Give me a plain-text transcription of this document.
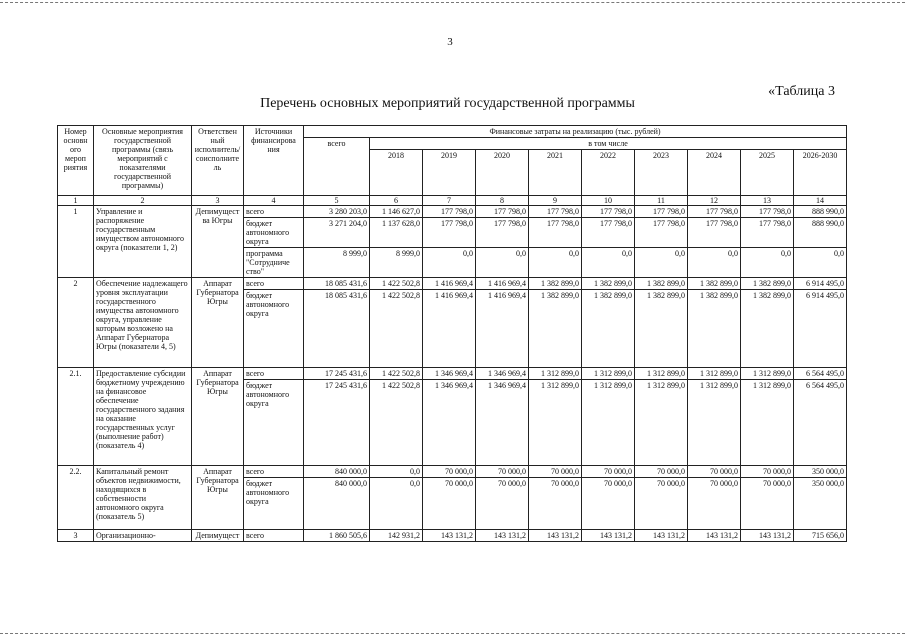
3
«Таблица 3
Перечень основных мероприятий государственной программы
Номер основн ого мероп риятия	Основные мероприятия государственной программы (связь мероприятий с показателями государственной программы)	Ответствен ный исполнитель/ соисполните ль	Источники финансирова ния	Финансовые затраты на реализацию (тыс. рублей)									
				всего	в том числе								
					2018	2019	2020	2021	2022	2023	2024	2025	2026-2030
1	2	3	4	5	6	7	8	9	10	11	12	13	14
1	Управление и распоряжение государственным имуществом автономного округа (показатели 1, 2)	Депимущест ва Югры	всего	3 280 203,0	1 146 627,0	177 798,0	177 798,0	177 798,0	177 798,0	177 798,0	177 798,0	177 798,0	888 990,0
			бюджет автономного округа	3 271 204,0	1 137 628,0	177 798,0	177 798,0	177 798,0	177 798,0	177 798,0	177 798,0	177 798,0	888 990,0
			программа "Сотрудниче ство"	8 999,0	8 999,0	0,0	0,0	0,0	0,0	0,0	0,0	0,0	0,0
2	Обеспечение надлежащего уровня эксплуатации государственного имущества автономного округа, управление которым возложено на Аппарат Губернатора Югры (показатели 4, 5)	Аппарат Губернатора Югры	всего	18 085 431,6	1 422 502,8	1 416 969,4	1 416 969,4	1 382 899,0	1 382 899,0	1 382 899,0	1 382 899,0	1 382 899,0	6 914 495,0
			бюджет автономного округа	18 085 431,6	1 422 502,8	1 416 969,4	1 416 969,4	1 382 899,0	1 382 899,0	1 382 899,0	1 382 899,0	1 382 899,0	6 914 495,0
2.1.	Предоставление субсидии бюджетному учреждению на финансовое обеспечение государственного задания на оказание государственных услуг (выполнение работ) (показатель 4)	Аппарат Губернатора Югры	всего	17 245 431,6	1 422 502,8	1 346 969,4	1 346 969,4	1 312 899,0	1 312 899,0	1 312 899,0	1 312 899,0	1 312 899,0	6 564 495,0
			бюджет автономного округа	17 245 431,6	1 422 502,8	1 346 969,4	1 346 969,4	1 312 899,0	1 312 899,0	1 312 899,0	1 312 899,0	1 312 899,0	6 564 495,0
2.2.	Капитальный ремонт объектов недвижимости, находящихся в собственности автономного округа (показатель 5)	Аппарат Губернатора Югры	всего	840 000,0	0,0	70 000,0	70 000,0	70 000,0	70 000,0	70 000,0	70 000,0	70 000,0	350 000,0
			бюджет автономного округа	840 000,0	0,0	70 000,0	70 000,0	70 000,0	70 000,0	70 000,0	70 000,0	70 000,0	350 000,0
3	Организационно-	Депимущест	всего	1 860 505,6	142 931,2	143 131,2	143 131,2	143 131,2	143 131,2	143 131,2	143 131,2	143 131,2	715 656,0
